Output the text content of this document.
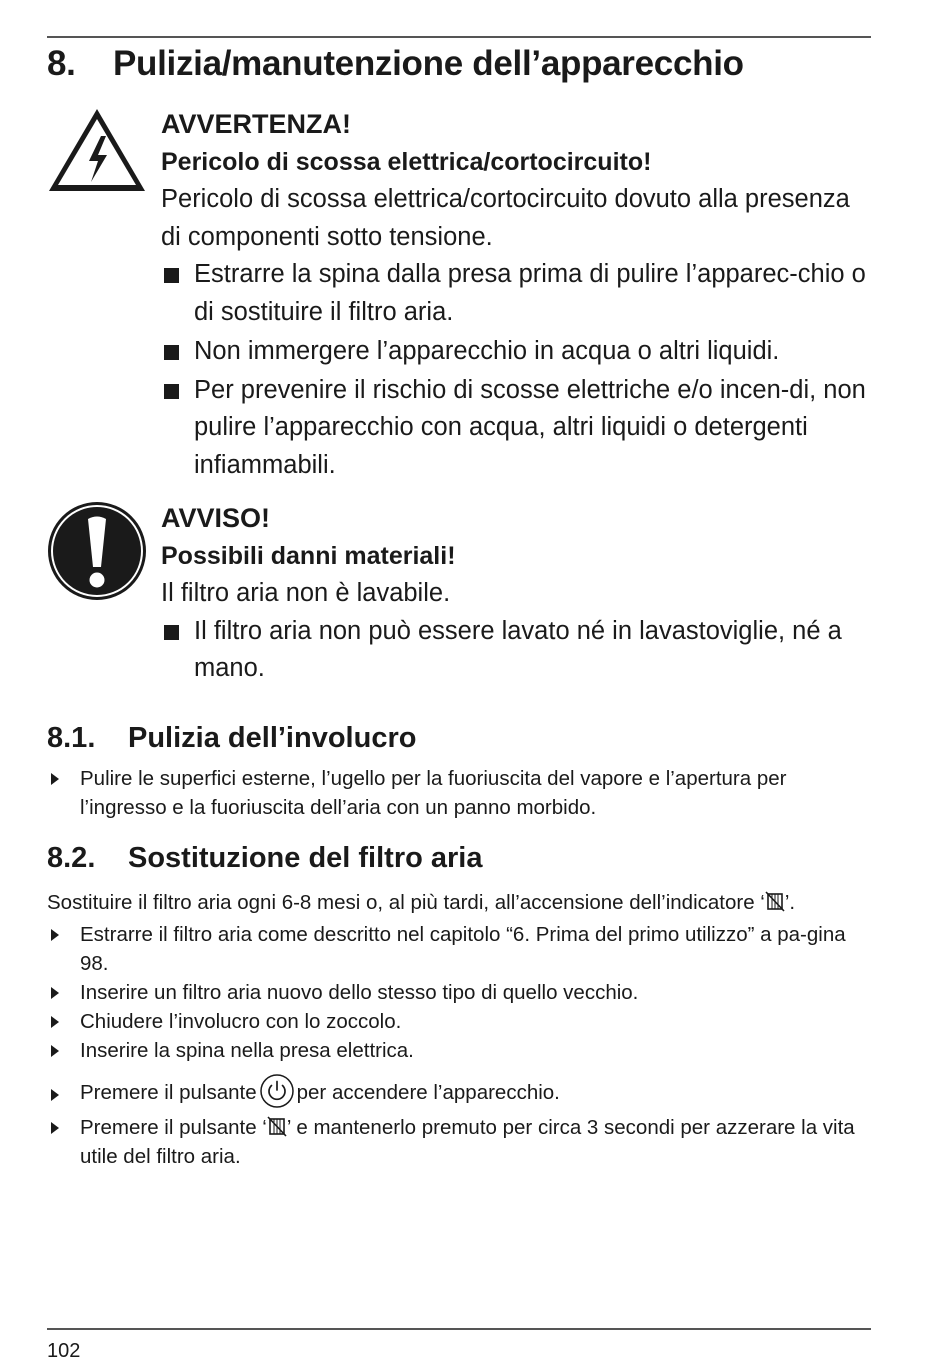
8. Pulizia/manutenzione dell’apparecchio

AVVERTENZA!

Pericolo di scossa elettrica/cortocircuito!

Pericolo di scossa elettrica/cortocircuito dovuto alla presenza di componenti sotto tensione.

Estrarre la spina dalla presa prima di pulire l’apparec-chio o di sostituire il filtro aria.
Non immergere l’apparecchio in acqua o altri liquidi.
Per prevenire il rischio di scosse elettriche e/o incen-di, non pulire l’apparecchio con acqua, altri liquidi o detergenti infiammabili.

AVVISO!

Possibili danni materiali!

Il filtro aria non è lavabile.

Il filtro aria non può essere lavato né in lavastoviglie, né a mano.
8.1. Pulizia dell’involucro
Pulire le superfici esterne, l’ugello per la fuoriuscita del vapore e l’apertura per l’ingresso e la fuoriuscita dell’aria con un panno morbido.
8.2. Sostituzione del filtro aria

Sostituire il filtro aria ogni 6-8 mesi o, al più tardi, all’accensione dell’indicatore ‘ ’.

Estrarre il filtro aria come descritto nel capitolo “6. Prima del primo utilizzo” a pa-gina 98.
Inserire un filtro aria nuovo dello stesso tipo di quello vecchio.
Chiudere l’involucro con lo zoccolo.
Inserire la spina nella presa elettrica.
Premere il pulsante per accendere l’apparecchio.
Premere il pulsante ‘ ’ e mantenerlo premuto per circa 3 secondi per azzerare la vita utile del filtro aria.

102
